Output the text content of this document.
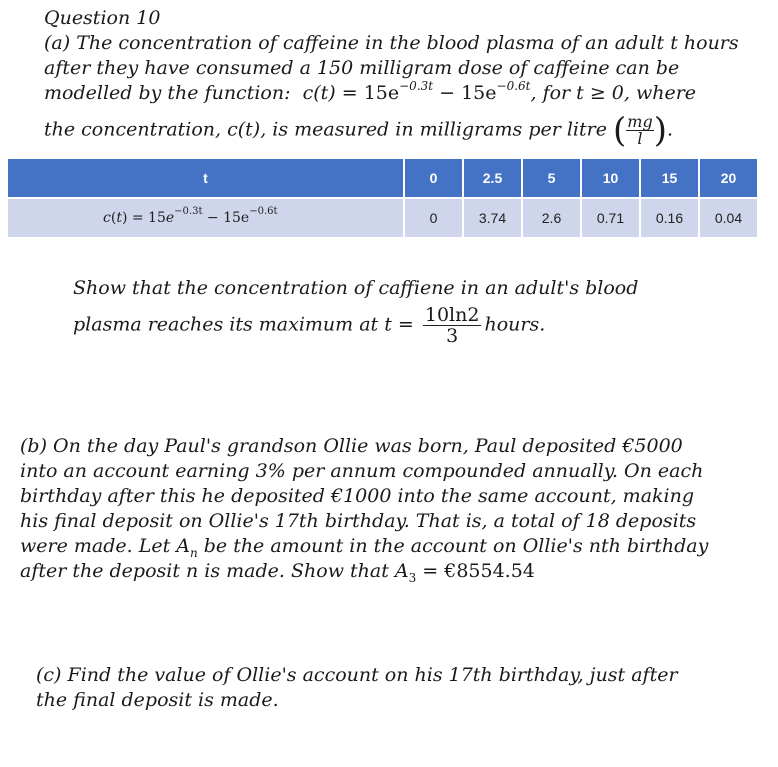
Question 10
(a) The concentration of caffeine in the blood plasma of an adult t hours
after they have consumed a 150 milligram dose of caffeine can be
modelled by the function: $c(t) = 15e^{-0.3t} - 15e^{-0.6t}$, for t ≥ 0, where
the concentration, c(t), is measured in milligrams per litre ( $\frac{mg}{l}$ ).
t	0	2.5	5	10	15	20
$c(t) = 15e^{-0.3t} - 15e^{-0.6t}$	0	3.74	2.6	0.71	0.16	0.04
Show that the concentration of caffiene in an adult's blood
plasma reaches its maximum at $t = \frac{10\ln 2}{3}$ hours.
(b) On the day Paul's grandson Ollie was born, Paul deposited €5000
into an account earning 3% per annum compounded annually. On each
birthday after this he deposited €1000 into the same account, making
his final deposit on Ollie's 17th birthday. That is, a total of 18 deposits
were made. Let $A_n$ be the amount in the account on Ollie's nth birthday
after the deposit n is made. Show that $A_3$ = €8554.54
(c) Find the value of Ollie's account on his 17th birthday, just after
the final deposit is made.
